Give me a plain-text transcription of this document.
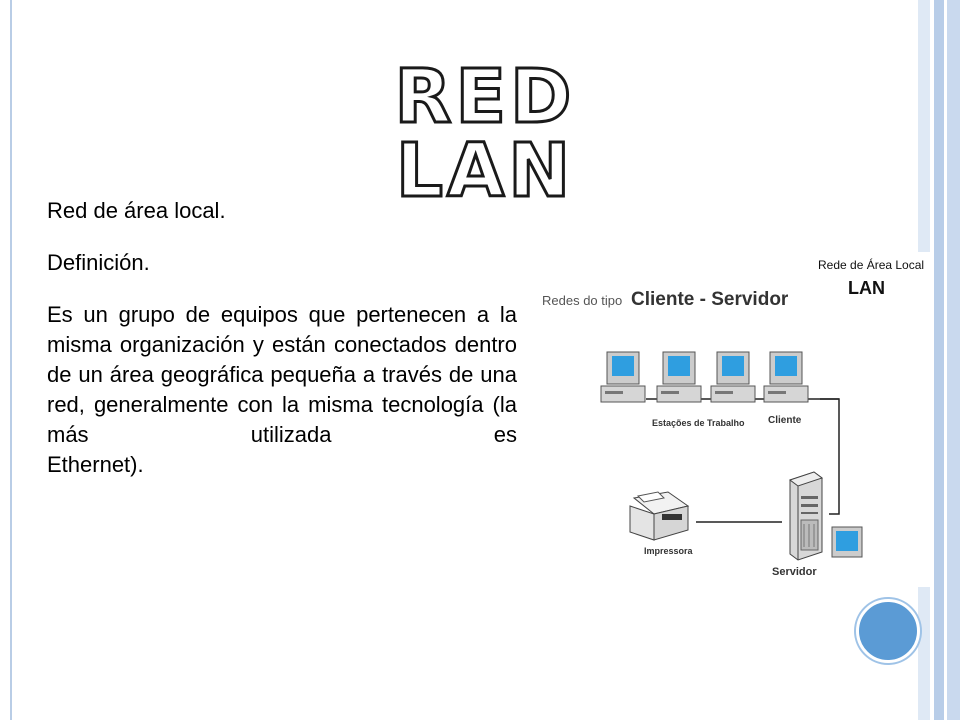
RED LAN

Red de área local.

Definición.

Es un grupo de equipos que pertenecen a la misma organización y están conectados dentro de un área geográfica pequeña a través de una red, generalmente con la misma tecnología (la más utilizada es
Ethernet).

Redes do tipo Cliente - Servidor
Rede de Área Local
LAN
Estações de Trabalho Cliente
Servidor
Impressora
